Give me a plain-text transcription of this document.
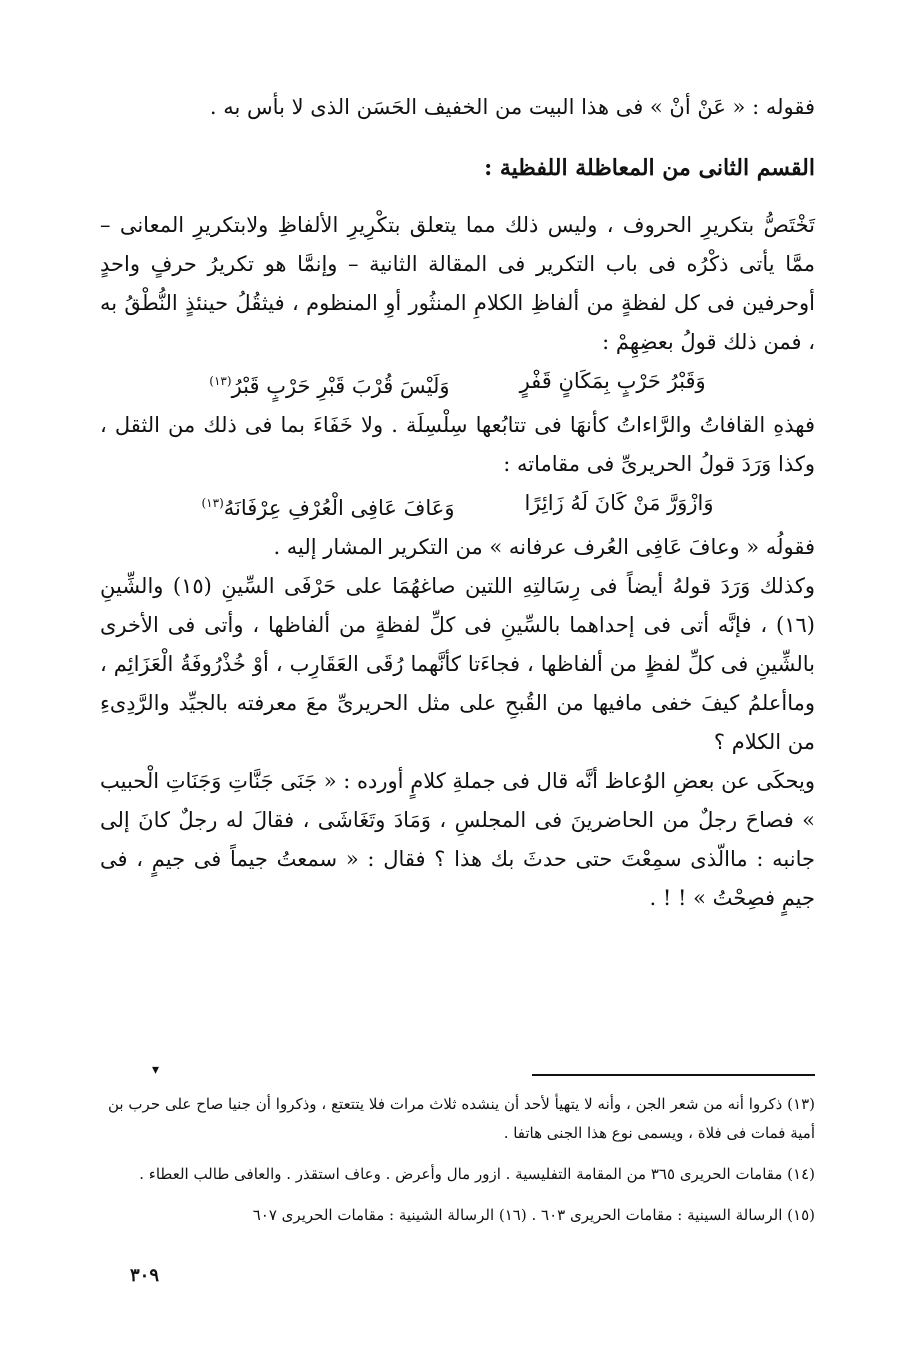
فقوله : « عَنْ أنْ » فى هذا البيت من الخفيف الحَسَن الذى لا بأس به .

القسم الثانى من المعاظلة اللفظية :

تَخْتَصُّ بتكريرِ الحروف ، وليس ذلك مما يتعلق بتكْرِيرِ الألفاظِ ولابتكريرِ المعانى – ممَّا يأتى ذكْرُه فى باب التكرير فى المقالة الثانية – وإنمَّا هو تكريرُ حرفٍ واحدٍ أوحرفين فى كل لفظةٍ من ألفاظِ الكلامِ المنثُور أوِ المنظوم ، فيثقُلُ حينئذٍ النُّطْقُ به ، فمن ذلك قولُ بعضِهِمْ :

وَقَبْرُ حَرْبٍ بِمَكَانٍ قَفْرٍ
وَلَيْسَ قُرْبَ قَبْرِ حَرْبٍ قَبْرُ$^{(١٣)}$

فهذهِ القافاتُ والرَّاءاتُ كأنهَا فى تتابُعها سِلْسِلَة . ولا خَفَاءَ بما فى ذلك من الثقل ، وكذا وَرَدَ قولُ الحريرىِّ فى مقاماته :

وَازْوَرَّ مَنْ كَانَ لَهُ زَائِرًا
وَعَافَ عَافِى الْعُرْفِ عِرْفَانَهُ$^{(١٣)}$

فقولُه « وعافَ عَافِى العُرف عرفانه » من التكرير المشار إليه .

وكذلك وَرَدَ قولهُ أيضاً فى رِسَالتِهِ اللتين صاغهُمَا على حَرْفَى السِّينِ (١٥) والشِّينِ (١٦) ، فإنَّه أتى فى إحداهما بالسِّينِ فى كلِّ لفظةٍ من ألفاظها ، وأتى فى الأخرى بالشِّينِ فى كلِّ لفظٍ من ألفاظها ، فجاءَتا كأنَّهما رُقَى العَقَارِب ، أوْ خُذْرُوفَةُ الْعَزَائِم ، وماأعلمُ كيفَ خفى مافيها من القُبحِ على مثل الحريرىِّ معَ معرفته بالجيِّد والرَّدِىءِ من الكلام ؟

ويحكَى عن بعضِ الوُعاظ أنَّه قال فى جملةِ كلامٍ أورده : « جَنَى جَنَّاتِ وَجَنَاتِ الْحبيب » فصاحَ رجلٌ من الحاضرينَ فى المجلسِ ، وَمَادَ وتَغَاشَى ، فقالَ له رجلٌ كانَ إلى جانبه : ماالّذى سمِعْتَ حتى حدثَ بك هذا ؟ فقال : « سمعتُ جيماً فى جيمٍ ، فى جيمٍ فصِحْتُ » ! ! .

▾

(١٣) ذكروا أنه من شعر الجن ، وأنه لا يتهيأ لأحد أن ينشده ثلاث مرات فلا يتتعتع ، وذكروا أن جنيا صاح على حرب بن أمية فمات فى فلاة ، ويسمى نوع هذا الجنى هاتفا .

(١٤) مقامات الحريرى ٣٦٥ من المقامة التفليسية . ازور مال وأعرض . وعاف استقذر . والعافى طالب العطاء .

(١٥) الرسالة السينية : مقامات الحريرى ٦٠٣ . (١٦) الرسالة الشينية : مقامات الحريرى ٦٠٧

٣٠٩
